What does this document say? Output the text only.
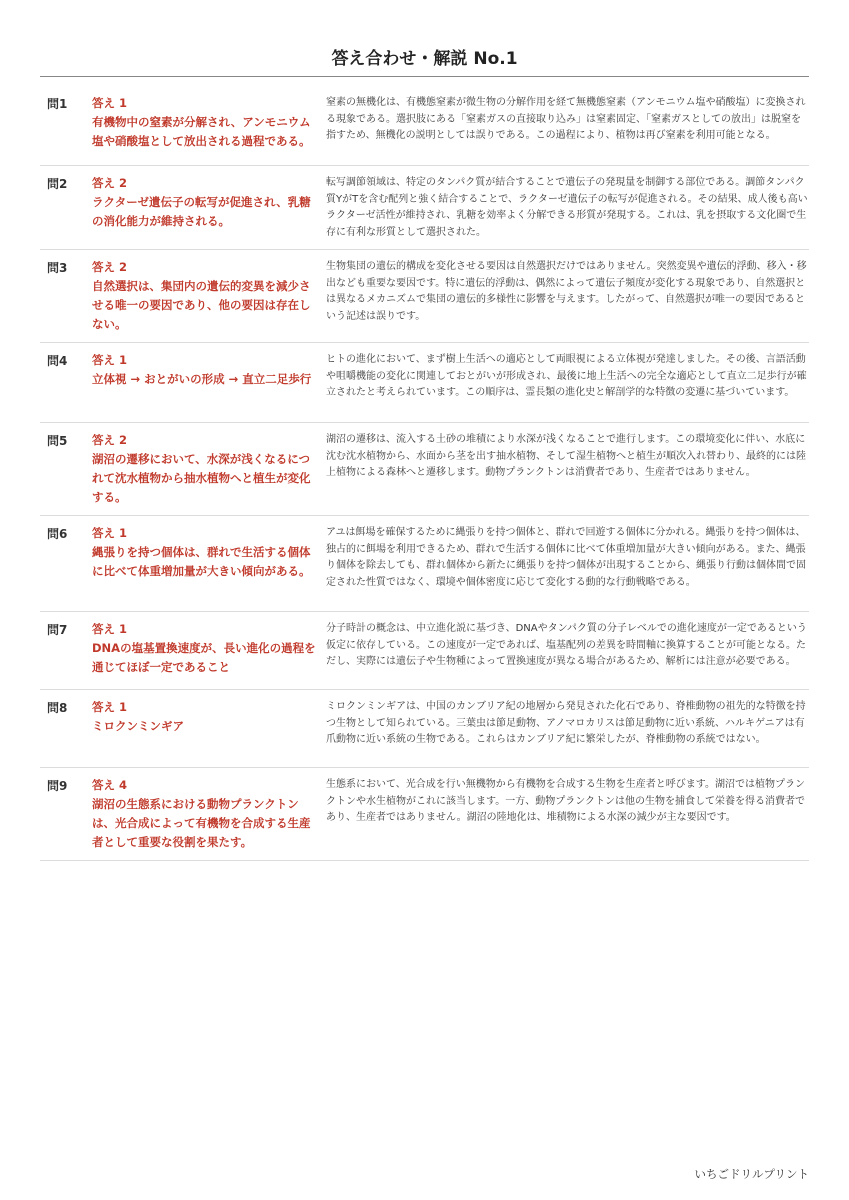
答え合わせ・解説 No.1
問1	答え 1
有機物中の窒素が分解され、アンモニウム塩や硝酸塩として放出される過程である。
窒素の無機化は、有機態窒素が微生物の分解作用を経て無機態窒素（アンモニウム塩や硝酸塩）に変換される現象である。選択肢にある「窒素ガスの直接取り込み」は窒素固定、「窒素ガスとしての放出」は脱窒を指すため、無機化の説明としては誤りである。この過程により、植物は再び窒素を利用可能となる。
問2	答え 2
ラクターゼ遺伝子の転写が促進され、乳糖の消化能力が維持される。
転写調節領域は、特定のタンパク質が結合することで遺伝子の発現量を制御する部位である。調節タンパク質YがTを含む配列と強く結合することで、ラクターゼ遺伝子の転写が促進される。その結果、成人後も高いラクターゼ活性が維持され、乳糖を効率よく分解できる形質が発現する。これは、乳を摂取する文化圏で生存に有利な形質として選択された。
問3	答え 2
自然選択は、集団内の遺伝的変異を減少させる唯一の要因であり、他の要因は存在しない。
生物集団の遺伝的構成を変化させる要因は自然選択だけではありません。突然変異や遺伝的浮動、移入・移出なども重要な要因です。特に遺伝的浮動は、偶然によって遺伝子頻度が変化する現象であり、自然選択とは異なるメカニズムで集団の遺伝的多様性に影響を与えます。したがって、自然選択が唯一の要因であるという記述は誤りです。
問4	答え 1
立体視 → おとがいの形成 → 直立二足歩行
ヒトの進化において、まず樹上生活への適応として両眼視による立体視が発達しました。その後、言語活動や咀嚼機能の変化に関連しておとがいが形成され、最後に地上生活への完全な適応として直立二足歩行が確立されたと考えられています。この順序は、霊長類の進化史と解剖学的な特徴の変遷に基づいています。
問5	答え 2
湖沼の遷移において、水深が浅くなるにつれて沈水植物から抽水植物へと植生が変化する。
湖沼の遷移は、流入する土砂の堆積により水深が浅くなることで進行します。この環境変化に伴い、水底に沈む沈水植物から、水面から茎を出す抽水植物、そして湿生植物へと植生が順次入れ替わり、最終的には陸上植物による森林へと遷移します。動物プランクトンは消費者であり、生産者ではありません。
問6	答え 1
縄張りを持つ個体は、群れで生活する個体に比べて体重増加量が大きい傾向がある。
アユは餌場を確保するために縄張りを持つ個体と、群れで回遊する個体に分かれる。縄張りを持つ個体は、独占的に餌場を利用できるため、群れで生活する個体に比べて体重増加量が大きい傾向がある。また、縄張り個体を除去しても、群れ個体から新たに縄張りを持つ個体が出現することから、縄張り行動は個体間で固定された性質ではなく、環境や個体密度に応じて変化する動的な行動戦略である。
問7	答え 1
DNAの塩基置換速度が、長い進化の過程を通じてほぼ一定であること
分子時計の概念は、中立進化説に基づき、DNAやタンパク質の分子レベルでの進化速度が一定であるという仮定に依存している。この速度が一定であれば、塩基配列の差異を時間軸に換算することが可能となる。ただし、実際には遺伝子や生物種によって置換速度が異なる場合があるため、解析には注意が必要である。
問8	答え 1
ミロクンミンギア
ミロクンミンギアは、中国のカンブリア紀の地層から発見された化石であり、脊椎動物の祖先的な特徴を持つ生物として知られている。三葉虫は節足動物、アノマロカリスは節足動物に近い系統、ハルキゲニアは有爪動物に近い系統の生物である。これらはカンブリア紀に繁栄したが、脊椎動物の系統ではない。
問9	答え 4
湖沼の生態系における動物プランクトンは、光合成によって有機物を合成する生産者として重要な役割を果たす。
生態系において、光合成を行い無機物から有機物を合成する生物を生産者と呼びます。湖沼では植物プランクトンや水生植物がこれに該当します。一方、動物プランクトンは他の生物を捕食して栄養を得る消費者であり、生産者ではありません。湖沼の陸地化は、堆積物による水深の減少が主な要因です。
いちごドリルプリント
